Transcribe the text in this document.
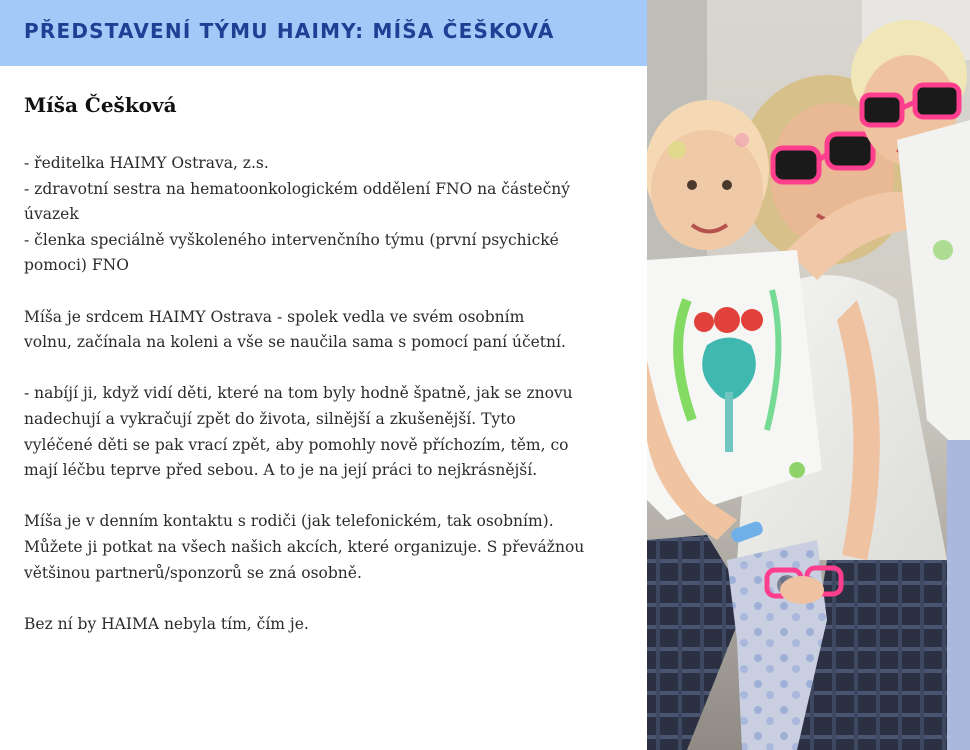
PŘEDSTAVENÍ TÝMU HAIMY: MÍŠA ČEŠKOVÁ
Míša Češková
- ředitelka HAIMY Ostrava, z.s.
- zdravotní sestra na hematoonkologickém oddělení FNO na částečný
úvazek
- členka speciálně vyškoleného intervenčního týmu (první psychické
pomoci) FNO
Míša je srdcem HAIMY Ostrava - spolek vedla ve svém osobním
volnu, začínala na koleni a vše se naučila sama s pomocí paní účetní.
- nabíjí ji, když vidí děti, které na tom byly hodně špatně, jak se znovu
nadechují a vykračují zpět do života, silnější a zkušenější. Tyto
vyléčené děti se pak vrací zpět, aby pomohly nově příchozím, těm, co
mají léčbu teprve před sebou. A to je na její práci to nejkrásnější.
Míša je v denním kontaktu s rodiči (jak telefonickém, tak osobním).
Můžete ji potkat na všech našich akcích, které organizuje. S převážnou
většinou partnerů/sponzorů se zná osobně.
Bez ní by HAIMA nebyla tím, čím je.
